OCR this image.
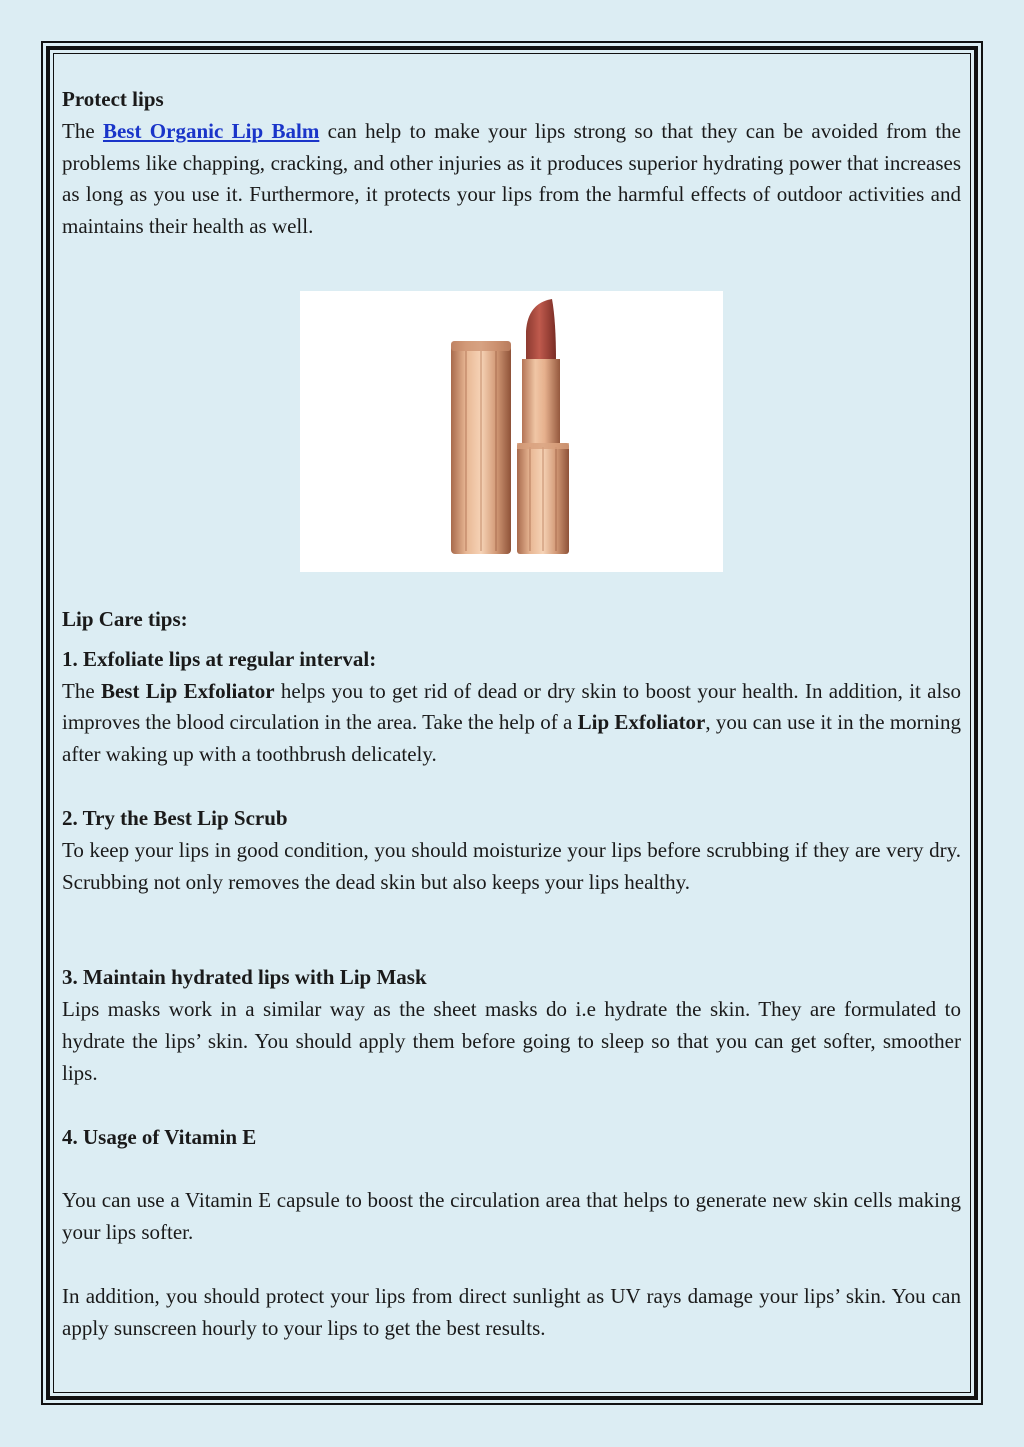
Protect lips

The Best Organic Lip Balm can help to make your lips strong so that they can be avoided from the problems like chapping, cracking, and other injuries as it produces superior hydrating power that increases as long as you use it. Furthermore, it protects your lips from the harmful effects of outdoor activities and maintains their health as well.

Lip Care tips:

1. Exfoliate lips at regular interval:

The Best Lip Exfoliator helps you to get rid of dead or dry skin to boost your health. In addition, it also improves the blood circulation in the area. Take the help of a Lip Exfoliator, you can use it in the morning after waking up with a toothbrush delicately.

2. Try the Best Lip Scrub

To keep your lips in good condition, you should moisturize your lips before scrubbing if they are very dry. Scrubbing not only removes the dead skin but also keeps your lips healthy.

3. Maintain hydrated lips with Lip Mask

Lips masks work in a similar way as the sheet masks do i.e hydrate the skin. They are formulated to hydrate the lips’ skin. You should apply them before going to sleep so that you can get softer, smoother lips.

4. Usage of Vitamin E

You can use a Vitamin E capsule to boost the circulation area that helps to generate new skin cells making your lips softer.

In addition, you should protect your lips from direct sunlight as UV rays damage your lips’ skin. You can apply sunscreen hourly to your lips to get the best results.
